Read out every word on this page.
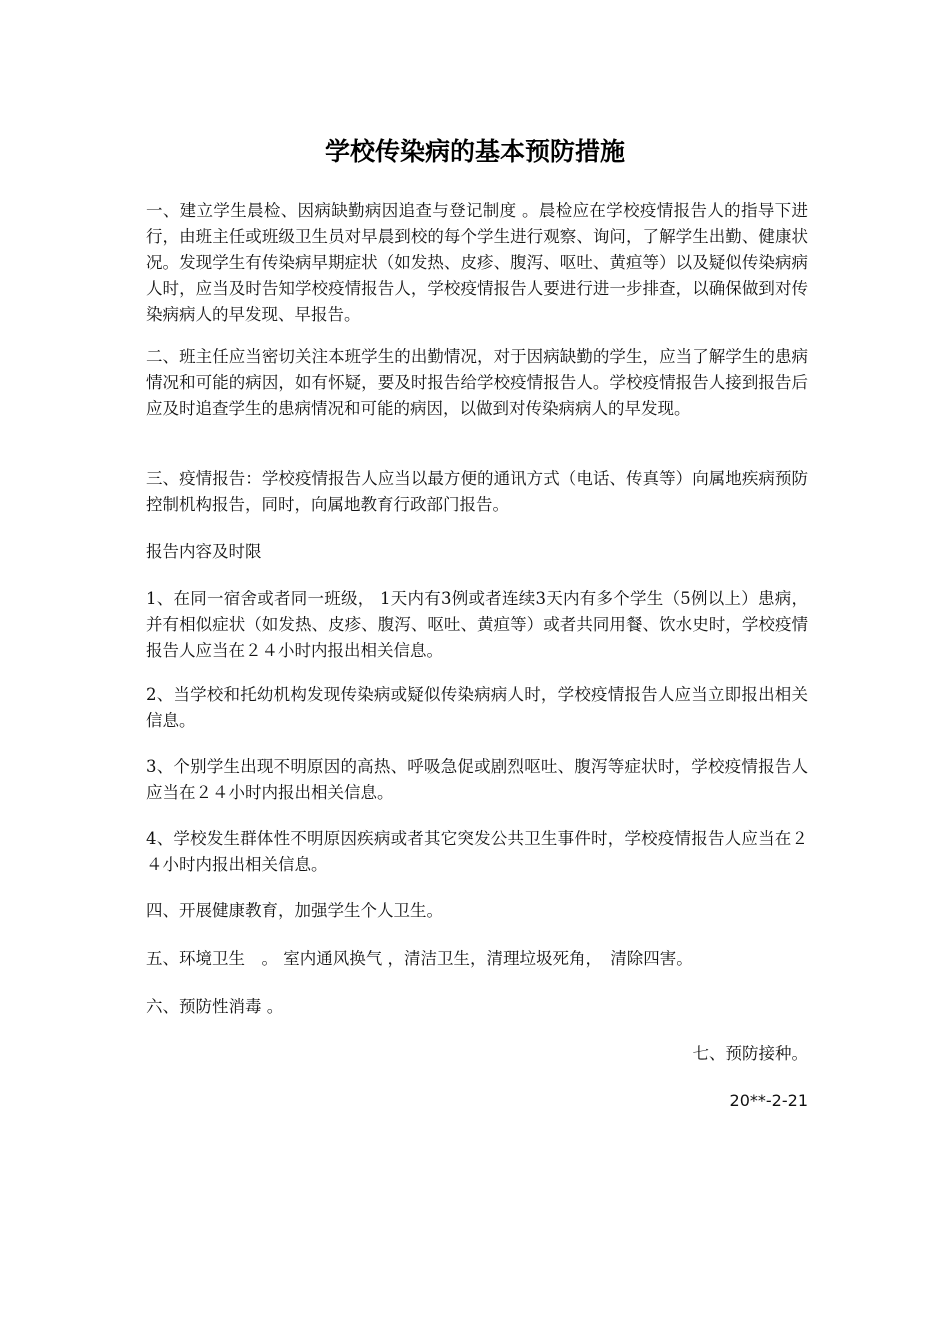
学校传染病的基本预防措施

一、建立学生晨检、因病缺勤病因追查与登记制度 。晨检应在学校疫情报告人的指导下进行，由班主任或班级卫生员对早晨到校的每个学生进行观察、询问，了解学生出勤、健康状况。发现学生有传染病早期症状（如发热、皮疹、腹泻、呕吐、黄疸等）以及疑似传染病病人时，应当及时告知学校疫情报告人，学校疫情报告人要进行进一步排查，以确保做到对传染病病人的早发现、早报告。

二、班主任应当密切关注本班学生的出勤情况，对于因病缺勤的学生，应当了解学生的患病情况和可能的病因，如有怀疑，要及时报告给学校疫情报告人。学校疫情报告人接到报告后应及时追查学生的患病情况和可能的病因，以做到对传染病病人的早发现。

三、疫情报告：学校疫情报告人应当以最方便的通讯方式（电话、传真等）向属地疾病预防控制机构报告，同时，向属地教育行政部门报告。

报告内容及时限

1、在同一宿舍或者同一班级， 1天内有3例或者连续3天内有多个学生（5例以上）患病，并有相似症状（如发热、皮疹、腹泻、呕吐、黄疸等）或者共同用餐、饮水史时，学校疫情报告人应当在２４小时内报出相关信息。

2、当学校和托幼机构发现传染病或疑似传染病病人时，学校疫情报告人应当立即报出相关信息。

3、个别学生出现不明原因的高热、呼吸急促或剧烈呕吐、腹泻等症状时，学校疫情报告人应当在２４小时内报出相关信息。

4、学校发生群体性不明原因疾病或者其它突发公共卫生事件时，学校疫情报告人应当在２４小时内报出相关信息。

四、开展健康教育，加强学生个人卫生。

五、环境卫生　。 室内通风换气 ，清洁卫生，清理垃圾死角，　清除四害。

六、预防性消毒 。

七、预防接种。

20**-2-21
